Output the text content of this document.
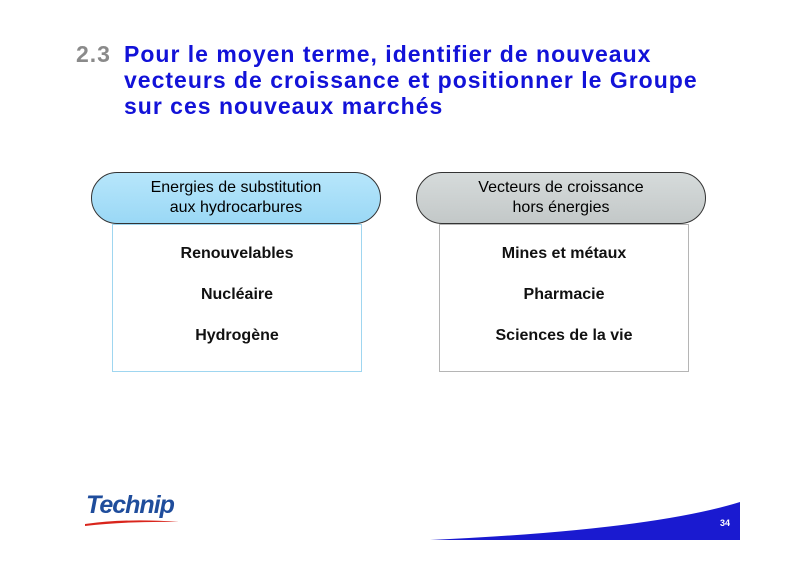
2.3 Pour le moyen terme, identifier de nouveaux
vecteurs de croissance et positionner le Groupe
sur ces nouveaux marchés
Renouvelables
Nucléaire
Hydrogène
Energies de substitution
aux hydrocarbures
Mines et métaux
Pharmacie
Sciences de la vie
Vecteurs de croissance
hors énergies
Technip
34
